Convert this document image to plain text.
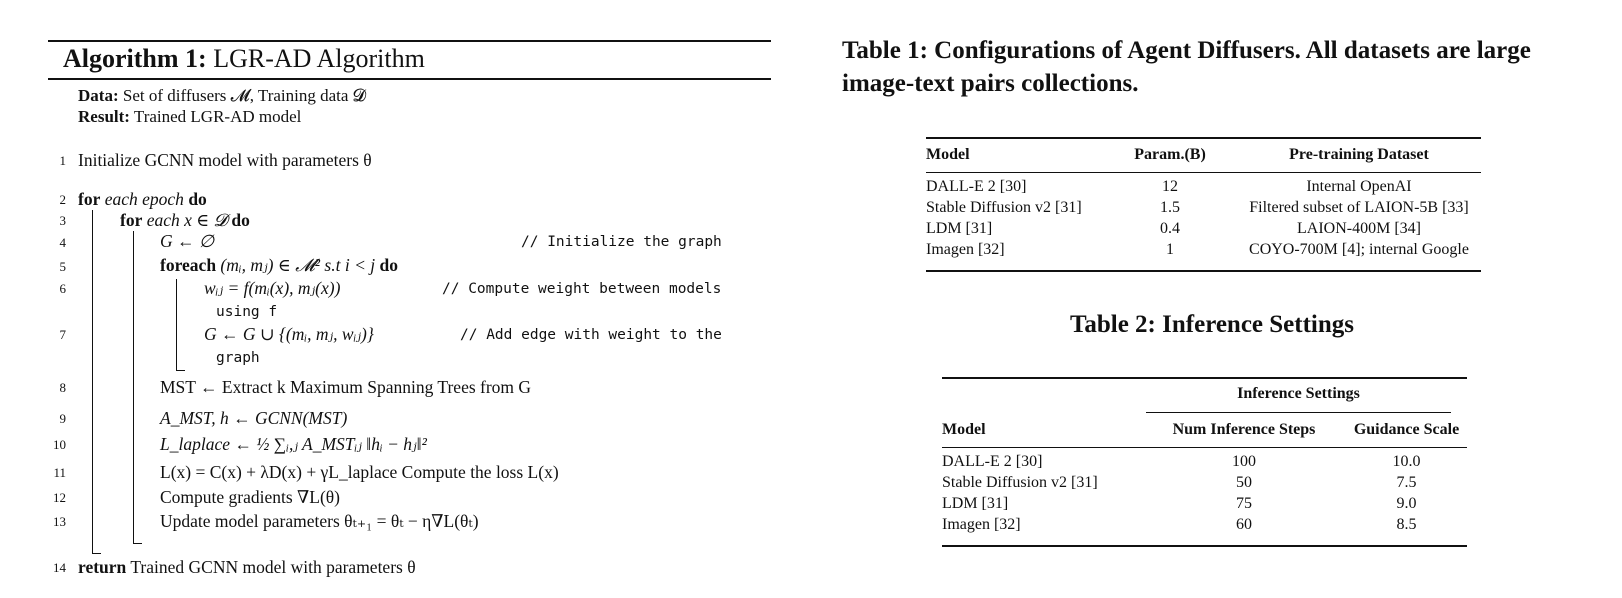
Algorithm 1: LGR-AD Algorithm
Data: Set of diffusers 𝓜, Training data 𝓓
Result: Trained LGR-AD model
1
2
3
4
5
6
7
8
9
10
11
12
13
14
Initialize GCNN model with parameters θ
for each epoch do
for each x ∈ 𝓓 do
G ← ∅	// Initialize the graph
foreach (mᵢ, mⱼ) ∈ 𝓜² s.t i < j do
wᵢⱼ = f(mᵢ(x), mⱼ(x))	// Compute weight between models
using f
G ← G ∪ {(mᵢ, mⱼ, wᵢⱼ)}	// Add edge with weight to the
graph
MST ← Extract k Maximum Spanning Trees from G
A_MST, h ← GCNN(MST)
L_laplace ← ½ ∑ᵢ,ⱼ A_MSTᵢⱼ ‖hᵢ − hⱼ‖²
L(x) = C(x) + λD(x) + γL_laplace Compute the loss L(x)
Compute gradients ∇L(θ)
Update model parameters θₜ₊₁ = θₜ − η∇L(θₜ)
return Trained GCNN model with parameters θ
Table 1: Configurations of Agent Diffusers. All datasets are large image-text pairs collections.
Model	Param.(B)	Pre-training Dataset
DALL-E 2 [30]	12	Internal OpenAI
Stable Diffusion v2 [31]	1.5	Filtered subset of LAION-5B [33]
LDM [31]	0.4	LAION-400M [34]
Imagen [32]	1	COYO-700M [4]; internal Google
Table 2: Inference Settings
Inference Settings
Model	Num Inference Steps	Guidance Scale
DALL-E 2 [30]	100	10.0
Stable Diffusion v2 [31]	50	7.5
LDM [31]	75	9.0
Imagen [32]	60	8.5
